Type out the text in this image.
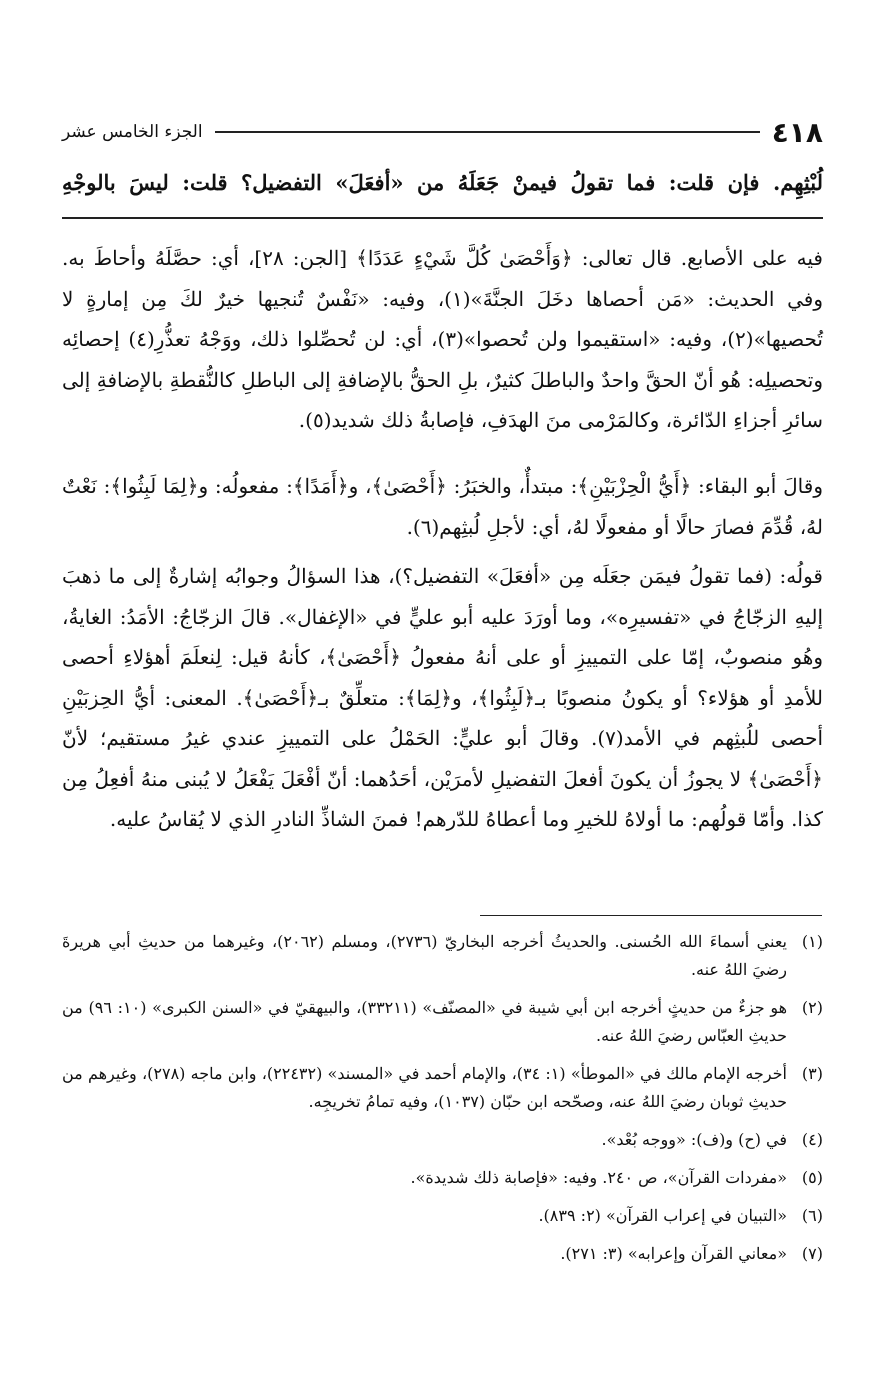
٤١٨
الجزء الخامس عشر
لُبْثِهِم. فإن قلت: فما تقولُ فيمنْ جَعَلَهُ من «أفعَلَ» التفضيل؟ قلت: ليسَ بالوجْهِ
فيه على الأصابع. قال تعالى: ﴿وَأَحْصَىٰ كُلَّ شَيْءٍ عَدَدًا﴾ [الجن: ٢٨]، أي: حصَّلَهُ وأحاطَ به. وفي الحديث: «مَن أحصاها دخَلَ الجنَّةَ»(١)، وفيه: «نَفْسٌ تُنجيها خيرٌ لكَ مِن إمارةٍ لا تُحصيها»(٢)، وفيه: «استقيموا ولن تُحصوا»(٣)، أي: لن تُحصِّلوا ذلك، ووَجْهُ تعذُّرِ(٤) إحصائِه وتحصيلِه: هُو أنّ الحقَّ واحدٌ والباطلَ كثيرٌ، بلِ الحقُّ بالإضافةِ إلى الباطلِ كالنُّقطةِ بالإضافةِ إلى سائرِ أجزاءِ الدّائرة، وكالمَرْمى منَ الهدَفِ، فإصابةُ ذلك شديد(٥).
وقالَ أبو البقاء: ﴿أَيُّ الْحِزْبَيْنِ﴾: مبتدأٌ، والخبَرُ: ﴿أَحْصَىٰ﴾، و﴿أَمَدًا﴾: مفعولُه: و﴿لِمَا لَبِثُوا﴾: نَعْتٌ لهُ، قُدِّمَ فصارَ حالًا أو مفعولًا لهُ، أي: لأجلِ لُبثِهم(٦).
قولُه: (فما تقولُ فيمَن جعَلَه مِن «أفعَلَ» التفضيل؟)، هذا السؤالُ وجوابُه إشارةٌ إلى ما ذهبَ إليهِ الزجّاجُ في «تفسيرِه»، وما أورَدَ عليه أبو عليٍّ في «الإغفال». قالَ الزجّاجُ: الأمَدُ: الغايةُ، وهُو منصوبٌ، إمّا على التمييزِ أو على أنهُ مفعولُ ﴿أَحْصَىٰ﴾، كأنهُ قيل: لِنعلَمَ أهؤلاءِ أحصى للأمدِ أو هؤلاء؟ أو يكونُ منصوبًا بـ﴿لَبِثُوا﴾، و﴿لِمَا﴾: متعلِّقٌ بـ﴿أَحْصَىٰ﴾. المعنى: أيُّ الحِزبَيْنِ أحصى للُبثِهم في الأمد(٧). وقالَ أبو عليٍّ: الحَمْلُ على التمييزِ عندي غيرُ مستقيم؛ لأنّ ﴿أَحْصَىٰ﴾ لا يجوزُ أن يكونَ أفعلَ التفضيلِ لأمرَيْن، أحَدُهما: أنّ أفْعَلَ يَفْعَلُ لا يُبنى منهُ أفعِلُ مِن كذا. وأمّا قولُهم: ما أولاهُ للخيرِ وما أعطاهُ للدّرهم! فمنَ الشاذِّ النادرِ الذي لا يُقاسُ عليه.
(١)
يعني أسماءَ الله الحُسنى. والحديثُ أخرجه البخاريّ (٢٧٣٦)، ومسلم (٢٠٦٢)، وغيرهما من حديثِ أبي هريرةَ رضيَ اللهُ عنه.
(٢)
هو جزءٌ من حديثٍ أخرجه ابن أبي شيبة في «المصنّف» (٣٣٢١١)، والبيهقيّ في «السنن الكبرى» (١٠: ٩٦) من حديثِ العبّاس رضيَ اللهُ عنه.
(٣)
أخرجه الإمام مالك في «الموطأ» (١: ٣٤)، والإمام أحمد في «المسند» (٢٢٤٣٢)، وابن ماجه (٢٧٨)، وغيرهم من حديثِ ثوبان رضيَ اللهُ عنه، وصحّحه ابن حبّان (١٠٣٧)، وفيه تمامُ تخريجِه.
(٤)
في (ح) و(ف): «ووجه بُعْد».
(٥)
«مفردات القرآن»، ص ٢٤٠. وفيه: «فإصابة ذلك شديدة».
(٦)
«التبيان في إعراب القرآن» (٢: ٨٣٩).
(٧)
«معاني القرآن وإعرابه» (٣: ٢٧١).
